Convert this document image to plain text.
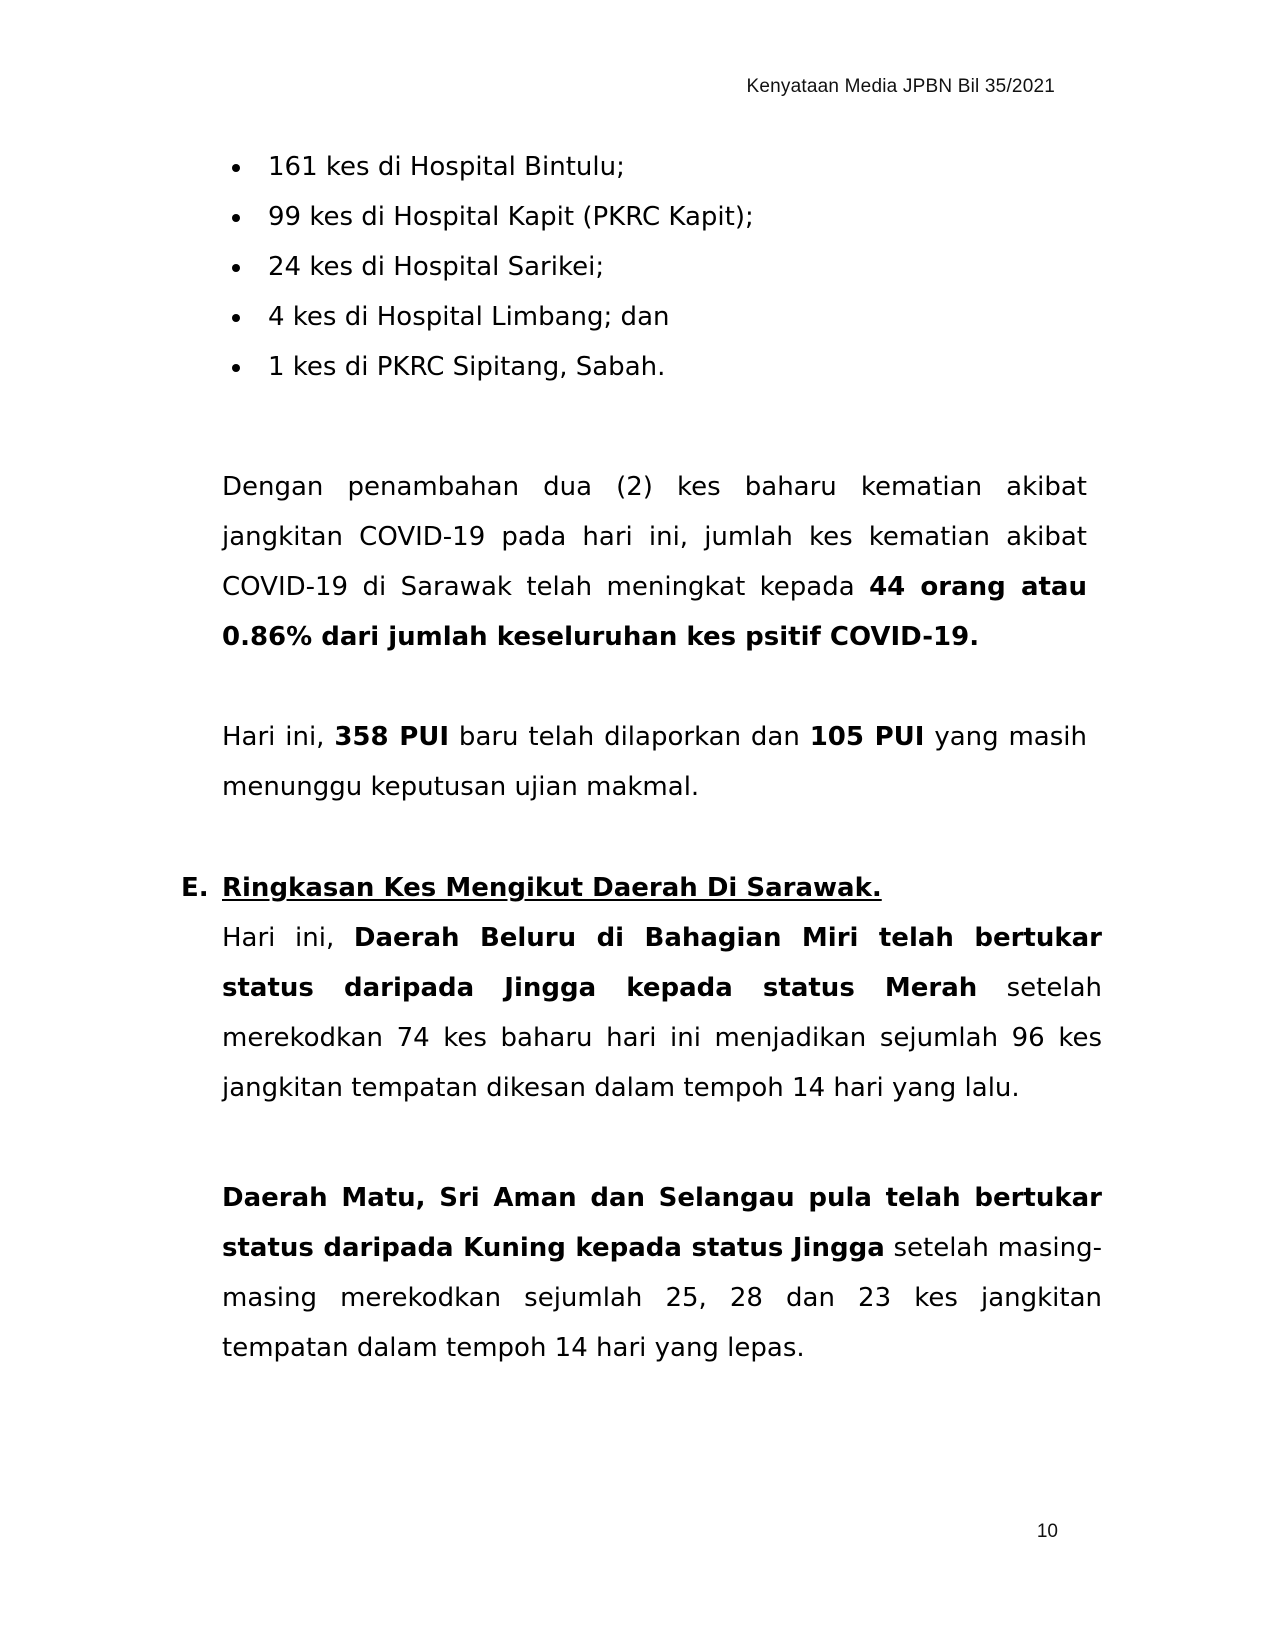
Kenyataan Media JPBN Bil 35/2021
161 kes di Hospital Bintulu;
99 kes di Hospital Kapit (PKRC Kapit);
24 kes di Hospital Sarikei;
4 kes di Hospital Limbang; dan
1 kes di PKRC Sipitang, Sabah.

Dengan penambahan dua (2) kes baharu kematian akibat jangkitan COVID-19 pada hari ini, jumlah kes kematian akibat COVID-19 di Sarawak telah meningkat kepada 44 orang atau 0.86% dari jumlah keseluruhan kes psitif COVID-19.

Hari ini, 358 PUI baru telah dilaporkan dan 105 PUI yang masih menunggu keputusan ujian makmal.

E. Ringkasan Kes Mengikut Daerah Di Sarawak.

Hari ini, Daerah Beluru di Bahagian Miri telah bertukar status daripada Jingga kepada status Merah setelah merekodkan 74 kes baharu hari ini menjadikan sejumlah 96 kes jangkitan tempatan dikesan dalam tempoh 14 hari yang lalu.

Daerah Matu, Sri Aman dan Selangau pula telah bertukar status daripada Kuning kepada status Jingga setelah masing-masing merekodkan sejumlah 25, 28 dan 23 kes jangkitan tempatan dalam tempoh 14 hari yang lepas.

10
